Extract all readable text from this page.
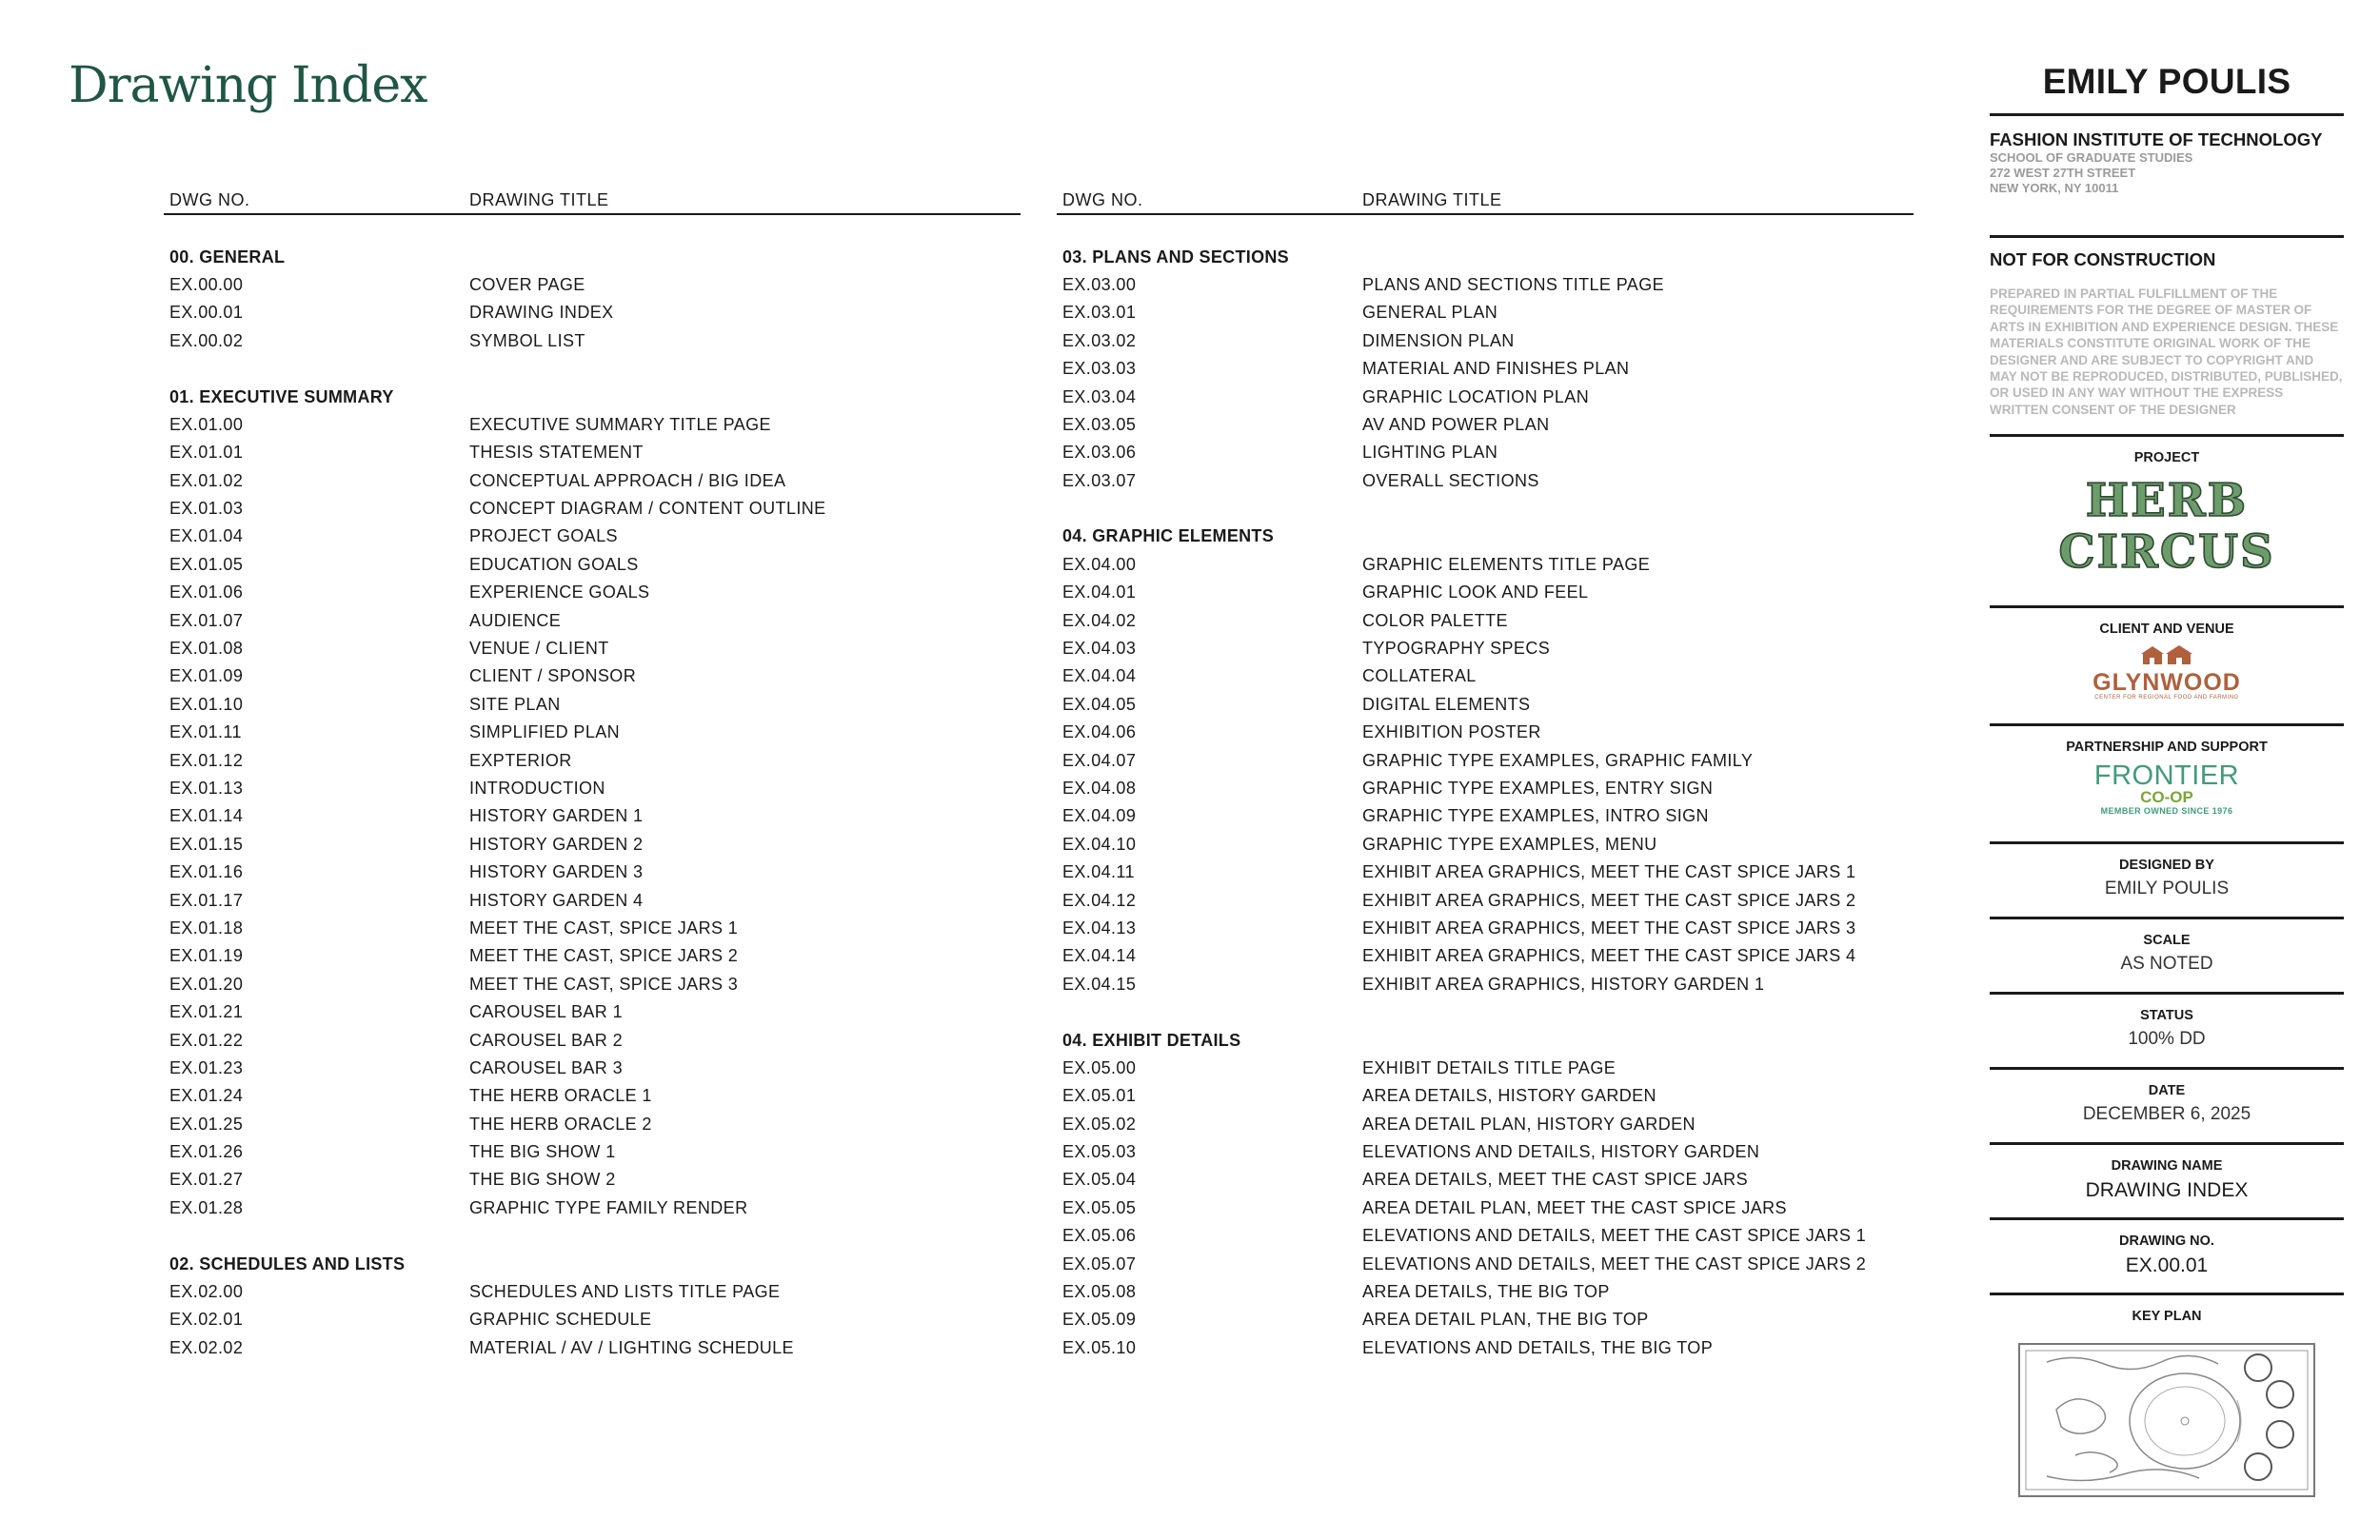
Drawing Index
DWG NO.	DRAWING TITLE
00. GENERAL
EX.00.00	COVER PAGE
EX.00.01	DRAWING INDEX
EX.00.02	SYMBOL LIST
01. EXECUTIVE SUMMARY
EX.01.00	EXECUTIVE SUMMARY TITLE PAGE
EX.01.01	THESIS STATEMENT
EX.01.02	CONCEPTUAL APPROACH / BIG IDEA
EX.01.03	CONCEPT DIAGRAM / CONTENT OUTLINE
EX.01.04	PROJECT GOALS
EX.01.05	EDUCATION GOALS
EX.01.06	EXPERIENCE GOALS
EX.01.07	AUDIENCE
EX.01.08	VENUE / CLIENT
EX.01.09	CLIENT / SPONSOR
EX.01.10	SITE PLAN
EX.01.11	SIMPLIFIED PLAN
EX.01.12	EXPTERIOR
EX.01.13	INTRODUCTION
EX.01.14	HISTORY GARDEN 1
EX.01.15	HISTORY GARDEN 2
EX.01.16	HISTORY GARDEN 3
EX.01.17	HISTORY GARDEN 4
EX.01.18	MEET THE CAST, SPICE JARS 1
EX.01.19	MEET THE CAST, SPICE JARS 2
EX.01.20	MEET THE CAST, SPICE JARS 3
EX.01.21	CAROUSEL BAR 1
EX.01.22	CAROUSEL BAR 2
EX.01.23	CAROUSEL BAR 3
EX.01.24	THE HERB ORACLE 1
EX.01.25	THE HERB ORACLE 2
EX.01.26	THE BIG SHOW 1
EX.01.27	THE BIG SHOW 2
EX.01.28	GRAPHIC TYPE FAMILY RENDER
02. SCHEDULES AND LISTS
EX.02.00	SCHEDULES AND LISTS TITLE PAGE
EX.02.01	GRAPHIC SCHEDULE
EX.02.02	MATERIAL / AV / LIGHTING SCHEDULE
DWG NO.	DRAWING TITLE
03. PLANS AND SECTIONS
EX.03.00	PLANS AND SECTIONS TITLE PAGE
EX.03.01	GENERAL PLAN
EX.03.02	DIMENSION PLAN
EX.03.03	MATERIAL AND FINISHES PLAN
EX.03.04	GRAPHIC LOCATION PLAN
EX.03.05	AV AND POWER PLAN
EX.03.06	LIGHTING PLAN
EX.03.07	OVERALL SECTIONS
04. GRAPHIC ELEMENTS
EX.04.00	GRAPHIC ELEMENTS TITLE PAGE
EX.04.01	GRAPHIC LOOK AND FEEL
EX.04.02	COLOR PALETTE
EX.04.03	TYPOGRAPHY SPECS
EX.04.04	COLLATERAL
EX.04.05	DIGITAL ELEMENTS
EX.04.06	EXHIBITION POSTER
EX.04.07	GRAPHIC TYPE EXAMPLES, GRAPHIC FAMILY
EX.04.08	GRAPHIC TYPE EXAMPLES, ENTRY SIGN
EX.04.09	GRAPHIC TYPE EXAMPLES, INTRO SIGN
EX.04.10	GRAPHIC TYPE EXAMPLES, MENU
EX.04.11	EXHIBIT AREA GRAPHICS, MEET THE CAST SPICE JARS 1
EX.04.12	EXHIBIT AREA GRAPHICS, MEET THE CAST SPICE JARS 2
EX.04.13	EXHIBIT AREA GRAPHICS, MEET THE CAST SPICE JARS 3
EX.04.14	EXHIBIT AREA GRAPHICS, MEET THE CAST SPICE JARS 4
EX.04.15	EXHIBIT AREA GRAPHICS, HISTORY GARDEN 1
04. EXHIBIT DETAILS
EX.05.00	EXHIBIT DETAILS TITLE PAGE
EX.05.01	AREA DETAILS, HISTORY GARDEN
EX.05.02	AREA DETAIL PLAN, HISTORY GARDEN
EX.05.03	ELEVATIONS AND DETAILS, HISTORY GARDEN
EX.05.04	AREA DETAILS, MEET THE CAST SPICE JARS
EX.05.05	AREA DETAIL PLAN, MEET THE CAST SPICE JARS
EX.05.06	ELEVATIONS AND DETAILS, MEET THE CAST SPICE JARS 1
EX.05.07	ELEVATIONS AND DETAILS, MEET THE CAST SPICE JARS 2
EX.05.08	AREA DETAILS, THE BIG TOP
EX.05.09	AREA DETAIL PLAN, THE BIG TOP
EX.05.10	ELEVATIONS AND DETAILS, THE BIG TOP
EMILY POULIS
FASHION INSTITUTE OF TECHNOLOGY
SCHOOL OF GRADUATE STUDIES
272 WEST 27TH STREET
NEW YORK, NY 10011
NOT FOR CONSTRUCTION
PREPARED IN PARTIAL FULFILLMENT OF THE REQUIREMENTS FOR THE DEGREE OF MASTER OF ARTS IN EXHIBITION AND EXPERIENCE DESIGN. THESE MATERIALS CONSTITUTE ORIGINAL WORK OF THE DESIGNER AND ARE SUBJECT TO COPYRIGHT AND MAY NOT BE REPRODUCED, DISTRIBUTED, PUBLISHED, OR USED IN ANY WAY WITHOUT THE EXPRESS WRITTEN CONSENT OF THE DESIGNER
PROJECT
HERB
CIRCUS
CLIENT AND VENUE
GLYNWOOD
CENTER FOR REGIONAL FOOD AND FARMING
PARTNERSHIP AND SUPPORT
FRONTIER
CO-OP
MEMBER OWNED SINCE 1976
DESIGNED BY
EMILY POULIS
SCALE
AS NOTED
STATUS
100% DD
DATE
DECEMBER 6, 2025
DRAWING NAME
DRAWING INDEX
DRAWING NO.
EX.00.01
KEY PLAN
